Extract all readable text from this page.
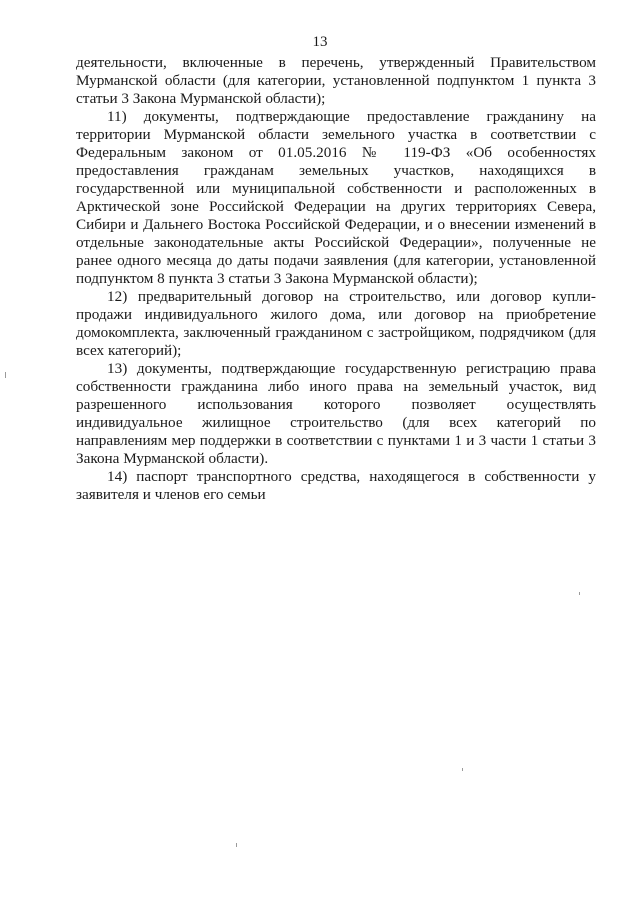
13

деятельности, включенные в перечень, утвержденный Правительством Мурманской области (для категории, установленной подпунктом 1 пункта 3 статьи 3 Закона Мурманской области);

11) документы, подтверждающие предоставление гражданину на территории Мурманской области земельного участка в соответствии с Федеральным законом от 01.05.2016 № 119-ФЗ «Об особенностях предоставления гражданам земельных участков, находящихся в государственной или муниципальной собственности и расположенных в Арктической зоне Российской Федерации на других территориях Севера, Сибири и Дальнего Востока Российской Федерации, и о внесении изменений в отдельные законодательные акты Российской Федерации», полученные не ранее одного месяца до даты подачи заявления (для категории, установленной подпунктом 8 пункта 3 статьи 3 Закона Мурманской области);

12) предварительный договор на строительство, или договор купли-продажи индивидуального жилого дома, или договор на приобретение домокомплекта, заключенный гражданином с застройщиком, подрядчиком (для всех категорий);

13) документы, подтверждающие государственную регистрацию права собственности гражданина либо иного права на земельный участок, вид разрешенного использования которого позволяет осуществлять индивидуальное жилищное строительство (для всех категорий по направлениям мер поддержки в соответствии с пунктами 1 и 3 части 1 статьи 3 Закона Мурманской области).

14) паспорт транспортного средства, находящегося в собственности у заявителя и членов его семьи
